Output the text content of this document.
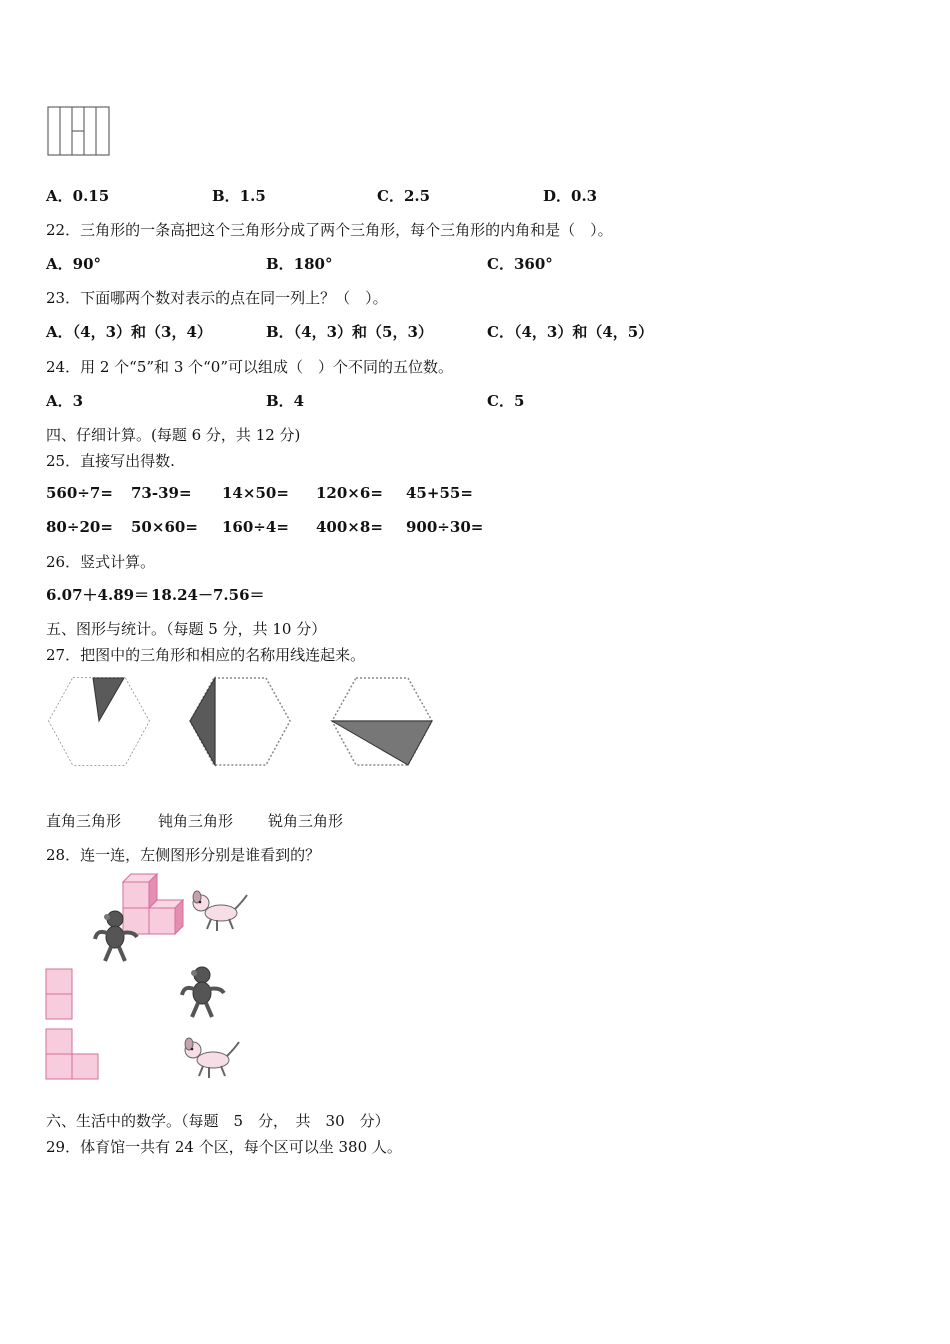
A．0.15	B．1.5	C．2.5	D．0.3
22．三角形的一条高把这个三角形分成了两个三角形，每个三角形的内角和是（　）。
A．90°	B．180°	C．360°
23．下面哪两个数对表示的点在同一列上？（　）。
A．（4，3）和（3，4）	B．（4，3）和（5，3）	C．（4，3）和（4，5）
24．用 2 个“5”和 3 个“0”可以组成（　）个不同的五位数。
A．3	B．4	C．5
四、仔细计算。(每题 6 分，共 12 分)
25．直接写出得数.
560÷7= 73-39= 14×50= 120×6= 45+55=
80÷20= 50×60= 160÷4= 400×8= 900÷30=
26．竖式计算。
6.07＋4.89＝ 18.24－7.56＝
五、图形与统计。（每题 5 分，共 10 分）
27．把图中的三角形和相应的名称用线连起来。
直角三角形 钝角三角形 锐角三角形
28．连一连，左侧图形分别是谁看到的？
六、生活中的数学。（每题　5　分，　共　30　分）
29．体育馆一共有 24 个区，每个区可以坐 380 人。
